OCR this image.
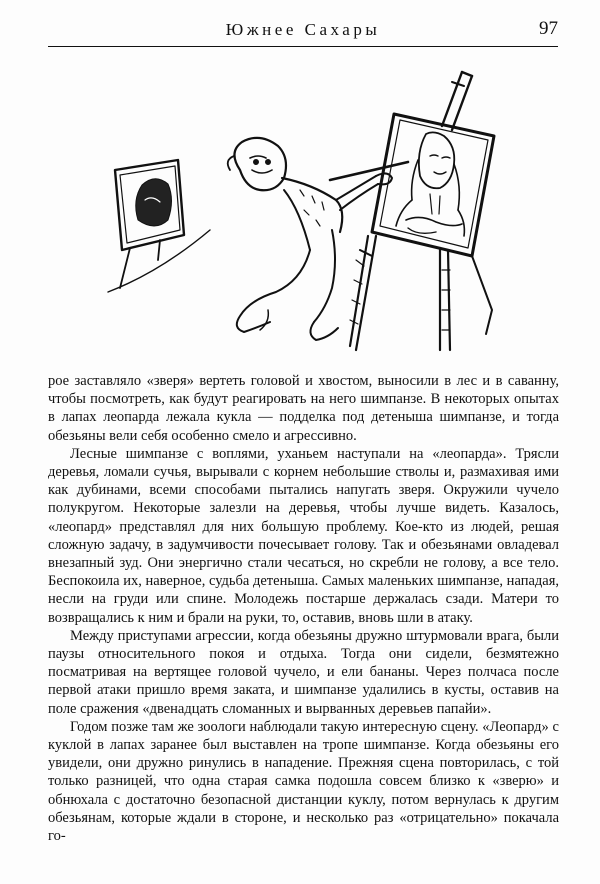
Южнее Сахары	97

рое заставляло «зверя» вертеть головой и хвостом, выносили в лес и в саванну, чтобы посмотреть, как будут реагировать на него шимпанзе. В некоторых опытах в лапах леопарда лежала кукла — подделка под детеныша шимпанзе, и тогда обезьяны вели себя особенно смело и агрессивно.

Лесные шимпанзе с воплями, уханьем наступали на «леопарда». Трясли деревья, ломали сучья, вырывали с корнем небольшие стволы и, размахивая ими как дубинами, всеми способами пытались напугать зверя. Окружили чучело полукругом. Некоторые залезли на деревья, чтобы лучше видеть. Казалось, «леопард» представлял для них большую проблему. Кое-кто из людей, решая сложную задачу, в задумчивости почесывает голову. Так и обезьянами овладевал внезапный зуд. Они энергично стали чесаться, но скребли не голову, а все тело. Беспокоила их, наверное, судьба детеныша. Самых маленьких шимпанзе, нападая, несли на груди или спине. Молодежь постарше держалась сзади. Матери то возвращались к ним и брали на руки, то, оставив, вновь шли в атаку.

Между приступами агрессии, когда обезьяны дружно штурмовали врага, были паузы относительного покоя и отдыха. Тогда они сидели, безмятежно посматривая на вертящее головой чучело, и ели бананы. Через полчаса после первой атаки пришло время заката, и шимпанзе удалились в кусты, оставив на поле сражения «двенадцать сломанных и вырванных деревьев папайи».

Годом позже там же зоологи наблюдали такую интересную сцену. «Леопард» с куклой в лапах заранее был выставлен на тропе шимпанзе. Когда обезьяны его увидели, они дружно ринулись в нападение. Прежняя сцена повторилась, с той только разницей, что одна старая самка подошла совсем близко к «зверю» и обнюхала с достаточно безопасной дистанции куклу, потом вернулась к другим обезьянам, которые ждали в стороне, и несколько раз «отрицательно» покачала го-
